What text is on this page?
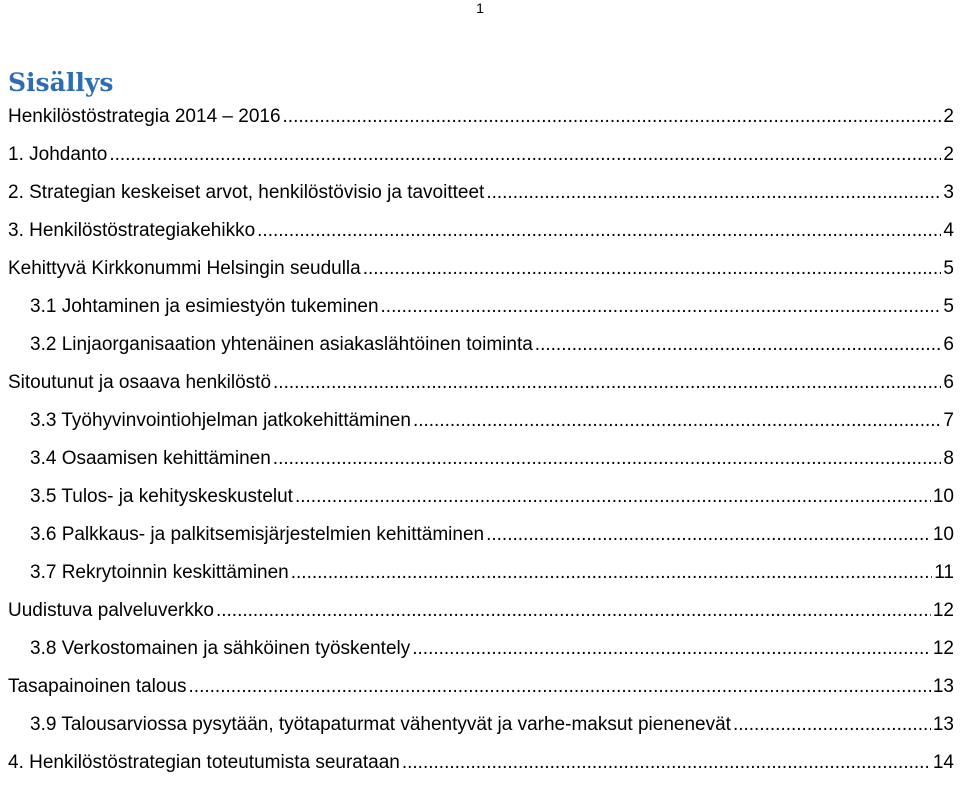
1
Sisällys
Henkilöstöstrategia 2014 – 2016 .....	2
1. Johdanto .....	2
2. Strategian keskeiset arvot, henkilöstövisio ja tavoitteet .....	3
3. Henkilöstöstrategiakehikko .....	4
Kehittyvä Kirkkonummi Helsingin seudulla .....	5
3.1 Johtaminen ja esimiestyön tukeminen .....	5
3.2 Linjaorganisaation yhtenäinen asiakaslähtöinen toiminta .....	6
Sitoutunut ja osaava henkilöstö .....	6
3.3 Työhyvinvointiohjelman jatkokehittäminen .....	7
3.4 Osaamisen kehittäminen .....	8
3.5 Tulos- ja kehityskeskustelut .....	10
3.6 Palkkaus- ja palkitsemisjärjestelmien kehittäminen .....	10
3.7 Rekrytoinnin keskittäminen .....	11
Uudistuva palveluverkko .....	12
3.8 Verkostomainen ja sähköinen työskentely .....	12
Tasapainoinen talous .....	13
3.9 Talousarviossa pysytään, työtapaturmat vähentyvät ja varhe-maksut pienenevät .....	13
4. Henkilöstöstrategian toteutumista seurataan .....	14
